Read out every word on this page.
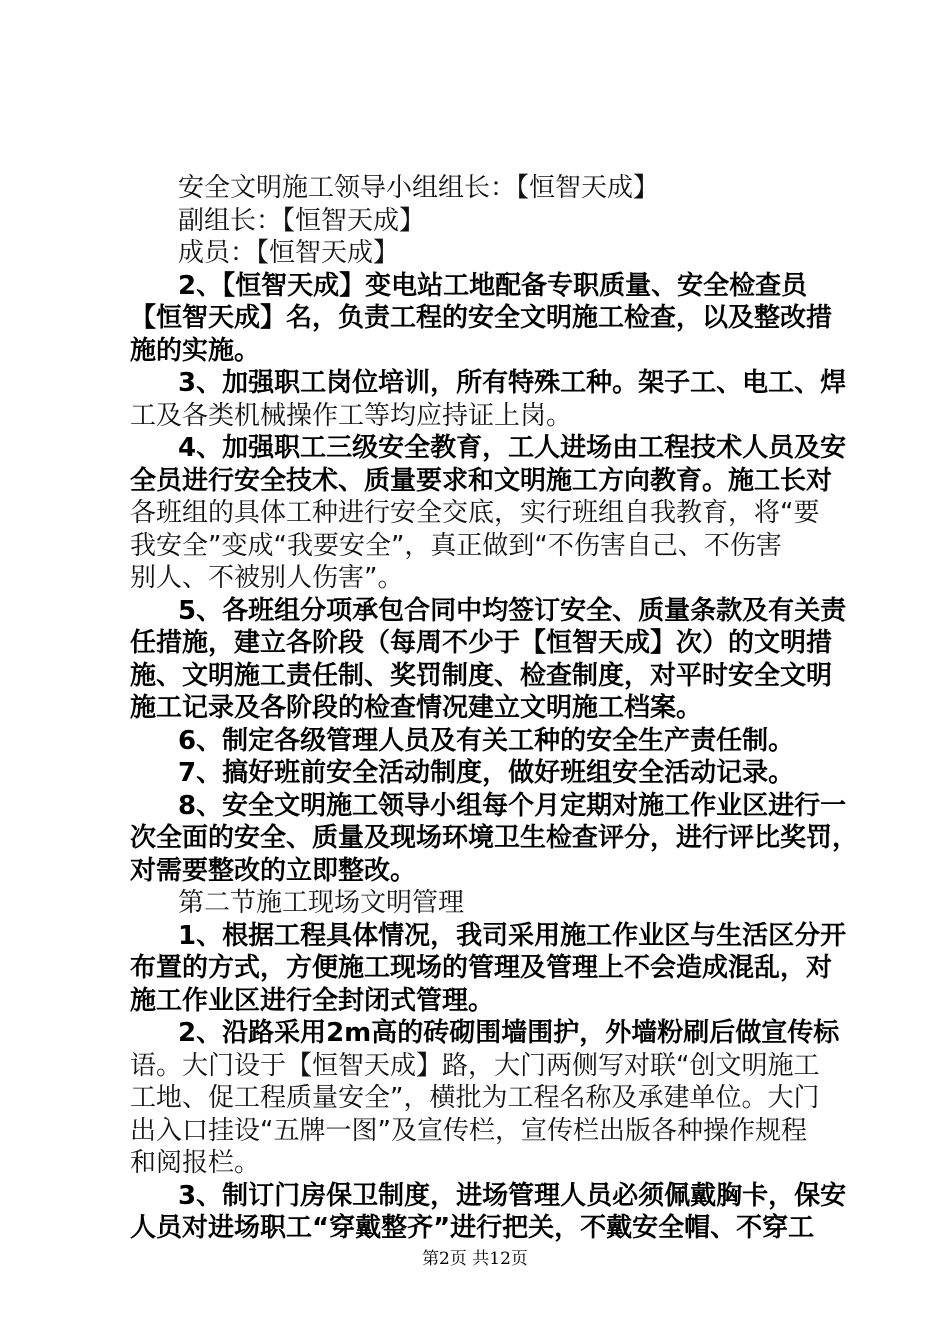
安全文明施工领导小组组长：【恒智天成】
副组长：【恒智天成】
成员：【恒智天成】
2、【恒智天成】变电站工地配备专职质量、安全检查员
【恒智天成】名，负责工程的安全文明施工检查，以及整改措
施的实施。
3、加强职工岗位培训，所有特殊工种。架子工、电工、焊
工及各类机械操作工等均应持证上岗。
4、加强职工三级安全教育，工人进场由工程技术人员及安
全员进行安全技术、质量要求和文明施工方向教育。施工长对
各班组的具体工种进行安全交底，实行班组自我教育，将“要
我安全”变成“我要安全”，真正做到“不伤害自己、不伤害
别人、不被别人伤害”。
5、各班组分项承包合同中均签订安全、质量条款及有关责
任措施，建立各阶段（每周不少于【恒智天成】次）的文明措
施、文明施工责任制、奖罚制度、检查制度，对平时安全文明
施工记录及各阶段的检查情况建立文明施工档案。
6、制定各级管理人员及有关工种的安全生产责任制。
7、搞好班前安全活动制度，做好班组安全活动记录。
8、安全文明施工领导小组每个月定期对施工作业区进行一
次全面的安全、质量及现场环境卫生检查评分，进行评比奖罚，
对需要整改的立即整改。
第二节施工现场文明管理
1、根据工程具体情况，我司采用施工作业区与生活区分开
布置的方式，方便施工现场的管理及管理上不会造成混乱，对
施工作业区进行全封闭式管理。
2、沿路采用2m高的砖砌围墙围护，外墙粉刷后做宣传标
语。大门设于【恒智天成】路，大门两侧写对联“创文明施工
工地、促工程质量安全”，横批为工程名称及承建单位。大门
出入口挂设“五牌一图”及宣传栏，宣传栏出版各种操作规程
和阅报栏。
3、制订门房保卫制度，进场管理人员必须佩戴胸卡，保安
人员对进场职工“穿戴整齐”进行把关，不戴安全帽、不穿工
第2页 共12页
